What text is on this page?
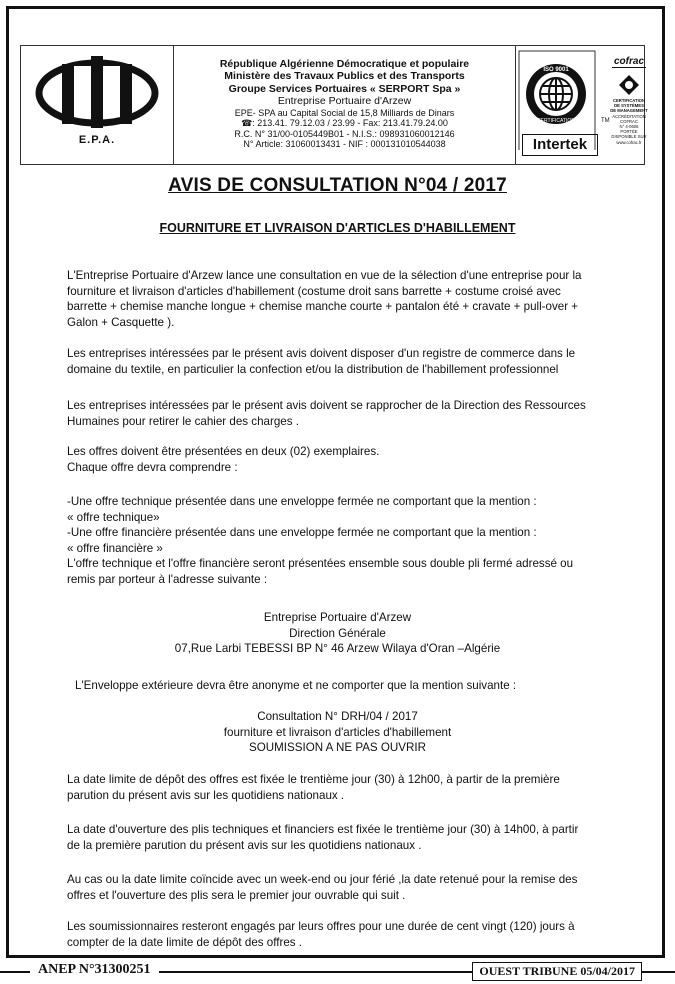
E.P.A.
République Algérienne Démocratique et populaire
Ministère des Travaux Publics et des Transports
Groupe Services Portuaires « SERPORT Spa »
Entreprise Portuaire d'Arzew
EPE- SPA au Capital Social de 15,8 Milliards de Dinars
☎: 213.41. 79.12.03 / 23.99 - Fax: 213.41.79.24.00
R.C. N° 31/00-0105449B01 - N.I.S.: 098931060012146
N° Article: 31060013431 - NIF : 000131010544038
ISO 9001
CERTIFICATION
Intertek
TM
cofrac
CERTIFICATION
DE SYSTÈMES
DE MANAGEMENT
ACCRÉDITATION
COFRAC
N° 4-0606
PORTÉE
DISPONIBLE SUR
www.cofrac.fr
AVIS DE CONSULTATION N°04 / 2017
FOURNITURE ET LIVRAISON D'ARTICLES D'HABILLEMENT
L'Entreprise Portuaire d'Arzew lance une consultation en vue de la sélection d'une entreprise pour la
fourniture et livraison d'articles d'habillement (costume droit sans barrette + costume croisé avec
barrette + chemise manche longue + chemise manche courte + pantalon été + cravate + pull-over +
Galon + Casquette ).
Les entreprises intéressées par le présent avis doivent disposer d'un registre de commerce dans le
domaine du textile, en particulier la confection et/ou la distribution de l'habillement professionnel
Les entreprises intéressées par le présent avis doivent se rapprocher de la Direction des Ressources
Humaines pour retirer le cahier des charges .
Les offres doivent être présentées en deux (02) exemplaires.
Chaque offre devra comprendre :
-Une offre technique présentée dans une enveloppe fermée ne comportant que la mention :
« offre technique»
-Une offre financière présentée dans une enveloppe fermée ne comportant que la mention :
« offre financière »
L'offre technique et l'offre financière seront présentées ensemble sous double pli fermé adressé ou
remis par porteur à l'adresse suivante :
Entreprise Portuaire d'Arzew
Direction Générale
07,Rue Larbi TEBESSI BP N° 46 Arzew Wilaya d'Oran –Algérie
L'Enveloppe extérieure devra être anonyme et ne comporter que la mention suivante :
Consultation N° DRH/04 / 2017
fourniture et livraison d'articles d'habillement
SOUMISSION A NE PAS OUVRIR
La date limite de dépôt des offres est fixée le trentième jour (30) à 12h00, à partir de la première
parution du présent avis sur les quotidiens nationaux .
La date d'ouverture des plis techniques et financiers est fixée le trentième jour (30) à 14h00, à partir
de la première parution du présent avis sur les quotidiens nationaux .
Au cas ou la date limite coïncide avec un week-end ou jour férié ,la date retenué pour la remise des
offres et l'ouverture des plis sera le premier jour ouvrable qui suit .
Les soumissionnaires resteront engagés par leurs offres pour une durée de cent vingt (120) jours à
compter de la date limite de dépôt des offres .
ANEP N°31300251	OUEST TRIBUNE 05/04/2017
